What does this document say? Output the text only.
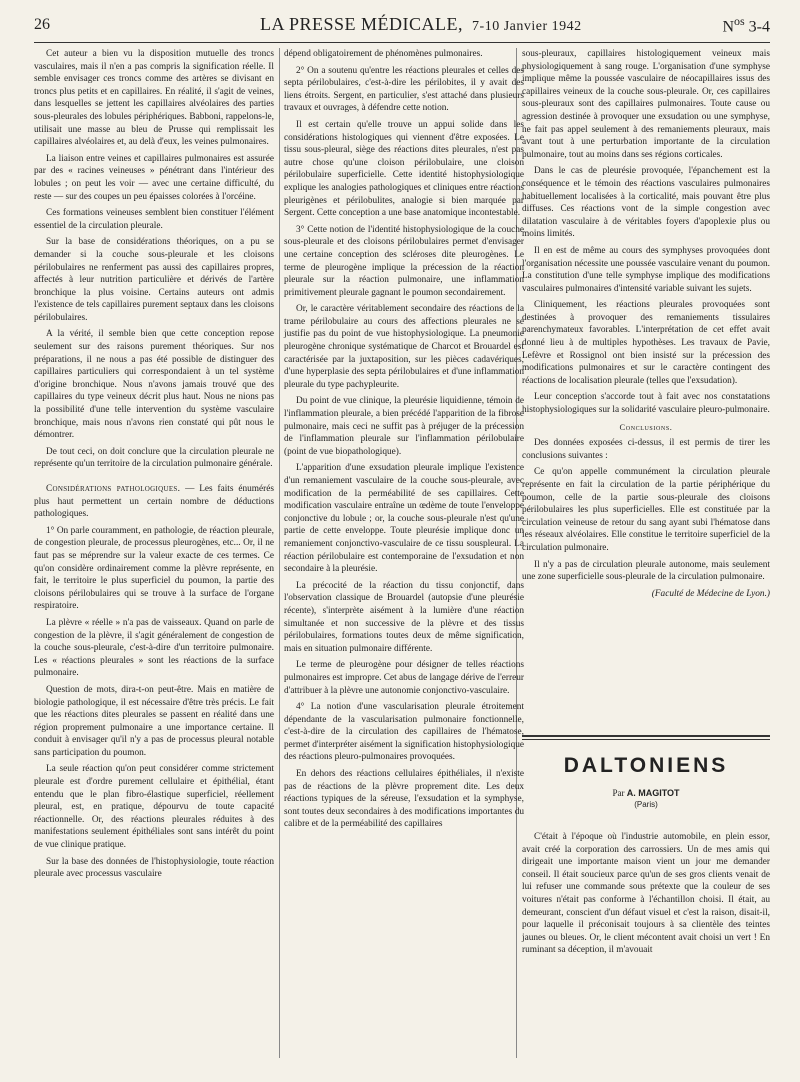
26	LA PRESSE MÉDICALE, 7-10 Janvier 1942	$N^{os}$ 3-4

Cet auteur a bien vu la disposition mutuelle des troncs vasculaires, mais il n'en a pas compris la signification réelle. Il semble envisager ces troncs comme des artères se divisant en troncs plus petits et en capillaires. En réalité, il s'agit de veines, dans lesquelles se jettent les capillaires alvéolaires des parties sous-pleurales des lobules périphériques. Babboni, rappelons-le, utilisait une masse au bleu de Prusse qui remplissait les capillaires alvéolaires et, au delà d'eux, les veines pulmonaires.

La liaison entre veines et capillaires pulmonaires est assurée par des « racines veineuses » pénétrant dans l'intérieur des lobules ; on peut les voir — avec une certaine difficulté, du reste — sur des coupes un peu épaisses colorées à l'orcéine.

Ces formations veineuses semblent bien constituer l'élément essentiel de la circulation pleurale.

Sur la base de considérations théoriques, on a pu se demander si la couche sous-pleurale et les cloisons périlobulaires ne renferment pas aussi des capillaires propres, affectés à leur nutrition particulière et dérivés de l'artère bronchique la plus voisine. Certains auteurs ont admis l'existence de tels capillaires purement septaux dans les cloisons périlobulaires.

A la vérité, il semble bien que cette conception repose seulement sur des raisons purement théoriques. Sur nos préparations, il ne nous a pas été possible de distinguer des capillaires particuliers qui correspondaient à un tel système d'origine bronchique. Nous n'avons jamais trouvé que des capillaires du type veineux décrit plus haut. Nous ne nions pas la possibilité d'une telle intervention du système vasculaire bronchique, mais nous n'avons rien constaté qui pût nous le démontrer.

De tout ceci, on doit conclure que la circulation pleurale ne représente qu'un territoire de la circulation pulmonaire générale.

Considérations pathologiques. — Les faits énumérés plus haut permettent un certain nombre de déductions pathologiques.

1° On parle couramment, en pathologie, de réaction pleurale, de congestion pleurale, de processus pleurogènes, etc... Or, il ne faut pas se méprendre sur la valeur exacte de ces termes. Ce qu'on considère ordinairement comme la plèvre représente, en fait, le territoire le plus superficiel du poumon, la partie des cloisons périlobulaires qui se trouve à la surface de l'organe respiratoire.

La plèvre « réelle » n'a pas de vaisseaux. Quand on parle de congestion de la plèvre, il s'agit généralement de congestion de la couche sous-pleurale, c'est-à-dire d'un territoire pulmonaire. Les « réactions pleurales » sont les réactions de la surface pulmonaire.

Question de mots, dira-t-on peut-être. Mais en matière de biologie pathologique, il est nécessaire d'être très précis. Le fait que les réactions dites pleurales se passent en réalité dans une région proprement pulmonaire a une importance certaine. Il conduit à envisager qu'il n'y a pas de processus pleural notable sans participation du poumon.

La seule réaction qu'on peut considérer comme strictement pleurale est d'ordre purement cellulaire et épithélial, étant entendu que le plan fibro-élastique superficiel, réellement pleural, est, en pratique, dépourvu de toute capacité réactionnelle. Or, des réactions pleurales réduites à des manifestations seulement épithéliales sont sans intérêt du point de vue clinique pratique.

Sur la base des données de l'histophysiologie, toute réaction pleurale avec processus vasculaire

dépend obligatoirement de phénomènes pulmonaires.

2° On a soutenu qu'entre les réactions pleurales et celles des septa périlobulaires, c'est-à-dire les périlobites, il y avait des liens étroits. Sergent, en particulier, s'est attaché dans plusieurs travaux et ouvrages, à défendre cette notion.

Il est certain qu'elle trouve un appui solide dans les considérations histologiques qui viennent d'être exposées. Le tissu sous-pleural, siège des réactions dites pleurales, n'est pas autre chose qu'une cloison périlobulaire, une cloison périlobulaire superficielle. Cette identité histophysiologique explique les analogies pathologiques et cliniques entre réactions pleurigènes et périlobulites, analogie si bien marquée par Sergent. Cette conception a une base anatomique incontestable.

3° Cette notion de l'identité histophysiologique de la couche sous-pleurale et des cloisons périlobulaires permet d'envisager une certaine conception des scléroses dite pleurogènes. Le terme de pleurogène implique la précession de la réaction pleurale sur la réaction pulmonaire, une inflammation primitivement pleurale gagnant le poumon secondairement.

Or, le caractère véritablement secondaire des réactions de la trame périlobulaire au cours des affections pleurales ne se justifie pas du point de vue histophysiologique. La pneumonie pleurogène chronique systématique de Charcot et Brouardel est caractérisée par la juxtaposition, sur les pièces cadavériques, d'une hyperplasie des septa périlobulaires et d'une inflammation pleurale du type pachypleurite.

Du point de vue clinique, la pleurésie liquidienne, témoin de l'inflammation pleurale, a bien précédé l'apparition de la fibrose pulmonaire, mais ceci ne suffit pas à préjuger de la précession de l'inflammation pleurale sur l'inflammation périlobulaire (point de vue biopathologique).

L'apparition d'une exsudation pleurale implique l'existence d'un remaniement vasculaire de la couche sous-pleurale, avec modification de la perméabilité de ses capillaires. Cette modification vasculaire entraîne un œdème de toute l'enveloppe conjonctive du lobule ; or, la couche sous-pleurale n'est qu'une partie de cette enveloppe. Toute pleurésie implique donc un remaniement conjonctivo-vasculaire de ce tissu souspleural. La réaction périlobulaire est contemporaine de l'exsudation et non secondaire à la pleurésie.

La précocité de la réaction du tissu conjonctif, dans l'observation classique de Brouardel (autopsie d'une pleurésie récente), s'interprète aisément à la lumière d'une réaction simultanée et non successive de la plèvre et des tissus périlobulaires, formations toutes deux de même signification, mais en situation pulmonaire différente.

Le terme de pleurogène pour désigner de telles réactions pulmonaires est impropre. Cet abus de langage dérive de l'erreur d'attribuer à la plèvre une autonomie conjonctivo-vasculaire.

4° La notion d'une vascularisation pleurale étroitement dépendante de la vascularisation pulmonaire fonctionnelle, c'est-à-dire de la circulation des capillaires de l'hématose, permet d'interpréter aisément la signification histophysiologique des réactions pleuro-pulmonaires provoquées.

En dehors des réactions cellulaires épithéliales, il n'existe pas de réactions de la plèvre proprement dite. Les deux réactions typiques de la séreuse, l'exsudation et la symphyse, sont toutes deux secondaires à des modifications importantes du calibre et de la perméabilité des capillaires

sous-pleuraux, capillaires histologiquement veineux mais physiologiquement à sang rouge. L'organisation d'une symphyse implique même la poussée vasculaire de néocapillaires issus des capillaires veineux de la couche sous-pleurale. Or, ces capillaires sous-pleuraux sont des capillaires pulmonaires. Toute cause ou agression destinée à provoquer une exsudation ou une symphyse, ne fait pas appel seulement à des remaniements pleuraux, mais avant tout à une perturbation importante de la circulation pulmonaire, tout au moins dans ses régions corticales.

Dans le cas de pleurésie provoquée, l'épanchement est la conséquence et le témoin des réactions vasculaires pulmonaires habituellement localisées à la corticalité, mais pouvant être plus diffuses. Ces réactions vont de la simple congestion avec dilatation vasculaire à de véritables foyers d'apoplexie plus ou moins limités.

Il en est de même au cours des symphyses provoquées dont l'organisation nécessite une poussée vasculaire venant du poumon. La constitution d'une telle symphyse implique des modifications vasculaires pulmonaires d'intensité variable suivant les sujets.

Cliniquement, les réactions pleurales provoquées sont destinées à provoquer des remaniements tissulaires parenchymateux favorables. L'interprétation de cet effet avait donné lieu à de multiples hypothèses. Les travaux de Pavie, Lefèvre et Rossignol ont bien insisté sur la précession des modifications pulmonaires et sur le caractère contingent des réactions de localisation pleurale (telles que l'exsudation).

Leur conception s'accorde tout à fait avec nos constatations histophysiologiques sur la solidarité vasculaire pleuro-pulmonaire.

Conclusions.

Des données exposées ci-dessus, il est permis de tirer les conclusions suivantes :

Ce qu'on appelle communément la circulation pleurale représente en fait la circulation de la partie périphérique du poumon, celle de la partie sous-pleurale des cloisons périlobulaires les plus superficielles. Elle est constituée par la circulation veineuse de retour du sang ayant subi l'hématose dans les réseaux alvéolaires. Elle constitue le territoire superficiel de la circulation pulmonaire.

Il n'y a pas de circulation pleurale autonome, mais seulement une zone superficielle sous-pleurale de la circulation pulmonaire.

(Faculté de Médecine de Lyon.)

DALTONIENS
Par A. MAGITOT
(Paris)

C'était à l'époque où l'industrie automobile, en plein essor, avait créé la corporation des carrossiers. Un de mes amis qui dirigeait une importante maison vient un jour me demander conseil. Il était soucieux parce qu'un de ses gros clients venait de lui refuser une commande sous prétexte que la couleur de ses voitures n'était pas conforme à l'échantillon choisi. Il était, au demeurant, conscient d'un défaut visuel et c'est la raison, disait-il, pour laquelle il préconisait toujours à sa clientèle des teintes jaunes ou bleues. Or, le client mécontent avait choisi un vert ! En ruminant sa déception, il m'avouait
